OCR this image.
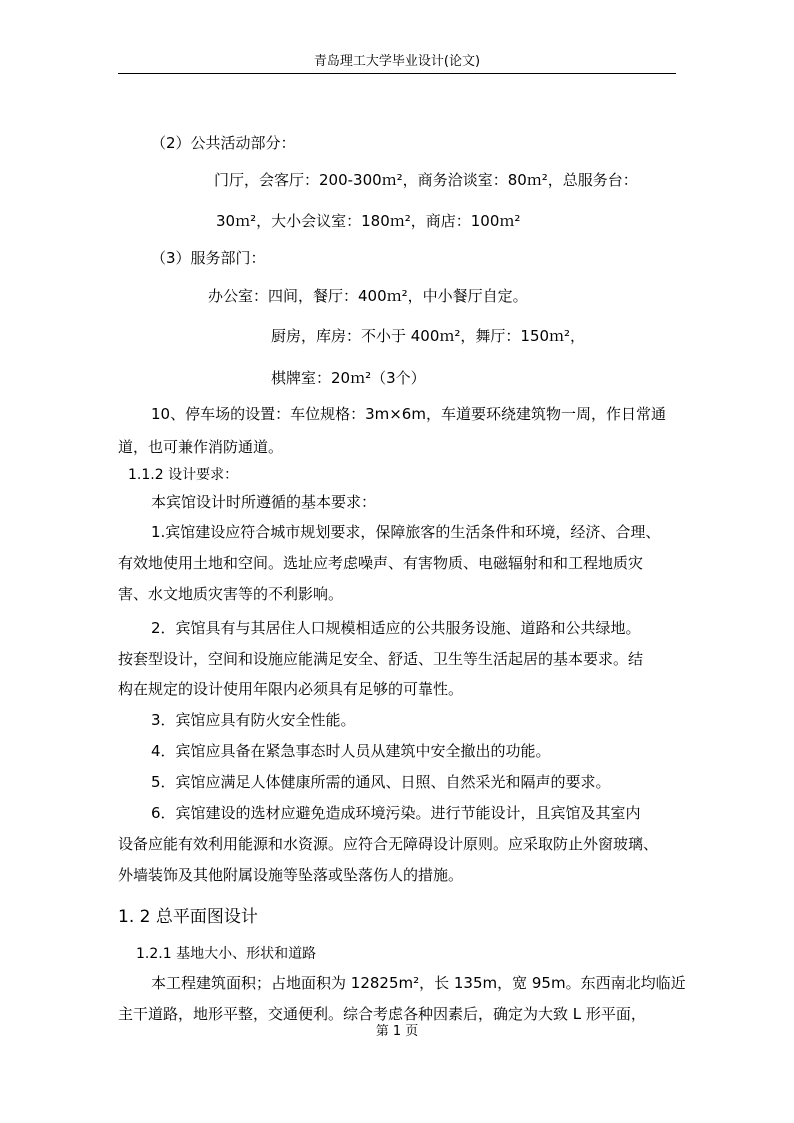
青岛理工大学毕业设计(论文)
（2）公共活动部分：
门厅，会客厅：200-300ｍ²，商务洽谈室：80ｍ²，总服务台：
30ｍ²，大小会议室：180ｍ²，商店：100ｍ²
（3）服务部门：
办公室：四间，餐厅：400ｍ²，中小餐厅自定。
厨房，库房：不小于 400ｍ²，舞厅：150ｍ²，
棋牌室：20ｍ²（3个）
10、停车场的设置：车位规格：3m×6m，车道要环绕建筑物一周，作日常通
道，也可兼作消防通道。
1.1.2 设计要求：
本宾馆设计时所遵循的基本要求：
1.宾馆建设应符合城市规划要求，保障旅客的生活条件和环境，经济、合理、
有效地使用土地和空间。选址应考虑噪声、有害物质、电磁辐射和和工程地质灾
害、水文地质灾害等的不利影响。
2．宾馆具有与其居住人口规模相适应的公共服务设施、道路和公共绿地。
按套型设计，空间和设施应能满足安全、舒适、卫生等生活起居的基本要求。结
构在规定的设计使用年限内必须具有足够的可靠性。
3．宾馆应具有防火安全性能。
4．宾馆应具备在紧急事态时人员从建筑中安全撤出的功能。
5．宾馆应满足人体健康所需的通风、日照、自然采光和隔声的要求。
6．宾馆建设的选材应避免造成环境污染。进行节能设计，且宾馆及其室内
设备应能有效利用能源和水资源。应符合无障碍设计原则。应采取防止外窗玻璃、
外墙装饰及其他附属设施等坠落或坠落伤人的措施。
1. 2 总平面图设计
1.2.1 基地大小、形状和道路
本工程建筑面积；占地面积为 12825m²，长 135m，宽 95m。东西南北均临近
主干道路，地形平整，交通便利。综合考虑各种因素后，确定为大致 L 形平面，
第 1 页
